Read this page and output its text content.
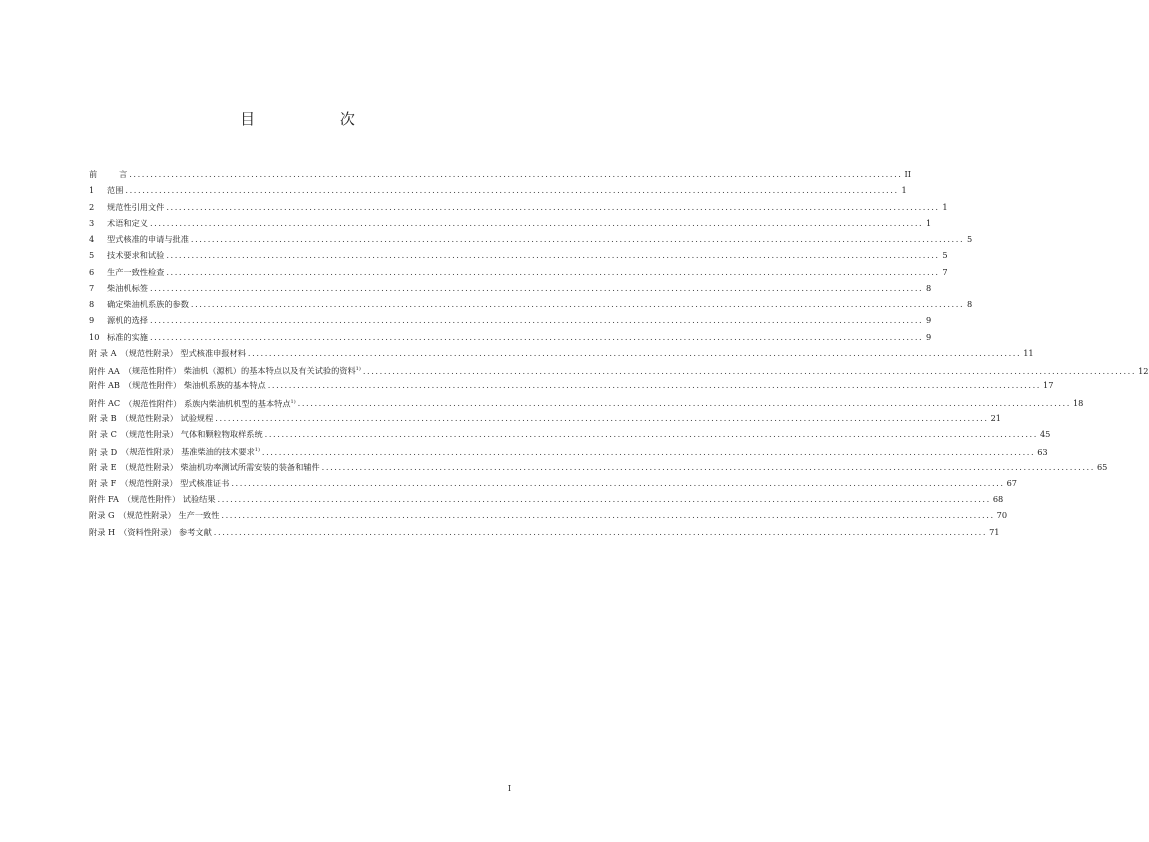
目 次
前	言 ........................................................................................................................................................................................ II
1	范围 ........................................................................................................................................................................................ 1
2	规范性引用文件 ........................................................................................................................................................................................ 1
3	术语和定义 ........................................................................................................................................................................................ 1
4	型式核准的申请与批准 ........................................................................................................................................................................................ 5
5	技术要求和试验 ........................................................................................................................................................................................ 5
6	生产一致性检查 ........................................................................................................................................................................................ 7
7	柴油机标签 ........................................................................................................................................................................................ 8
8	确定柴油机系族的参数 ........................................................................................................................................................................................ 8
9	源机的选择 ........................................................................................................................................................................................ 9
10 标准的实施 ........................................................................................................................................................................................ 9
附 录 A （规范性附录） 型式核准申报材料 ........................................................................................................................................................................................ 11
附件 AA （规范性附件） 柴油机（源机）的基本特点以及有关试验的资料$^{1)}$ ........................................................................................................................................................................................ 12
附件 AB （规范性附件） 柴油机系族的基本特点 ........................................................................................................................................................................................ 17
附件 AC （规范性附件） 系族内柴油机机型的基本特点$^{1)}$ ........................................................................................................................................................................................ 18
附 录 B （规范性附录） 试验规程 ........................................................................................................................................................................................ 21
附 录 C （规范性附录） 气体和颗粒物取样系统 ........................................................................................................................................................................................ 45
附 录 D （规范性附录） 基准柴油的技术要求$^{1)}$ ........................................................................................................................................................................................ 63
附 录 E （规范性附录） 柴油机功率测试所需安装的装备和辅件 ........................................................................................................................................................................................ 65
附 录 F （规范性附录） 型式核准证书 ........................................................................................................................................................................................ 67
附件 FA （规范性附件） 试验结果 ........................................................................................................................................................................................ 68
附录 G （规范性附录） 生产一致性 ........................................................................................................................................................................................ 70
附录 H （资料性附录） 参考文献 ........................................................................................................................................................................................ 71
I
